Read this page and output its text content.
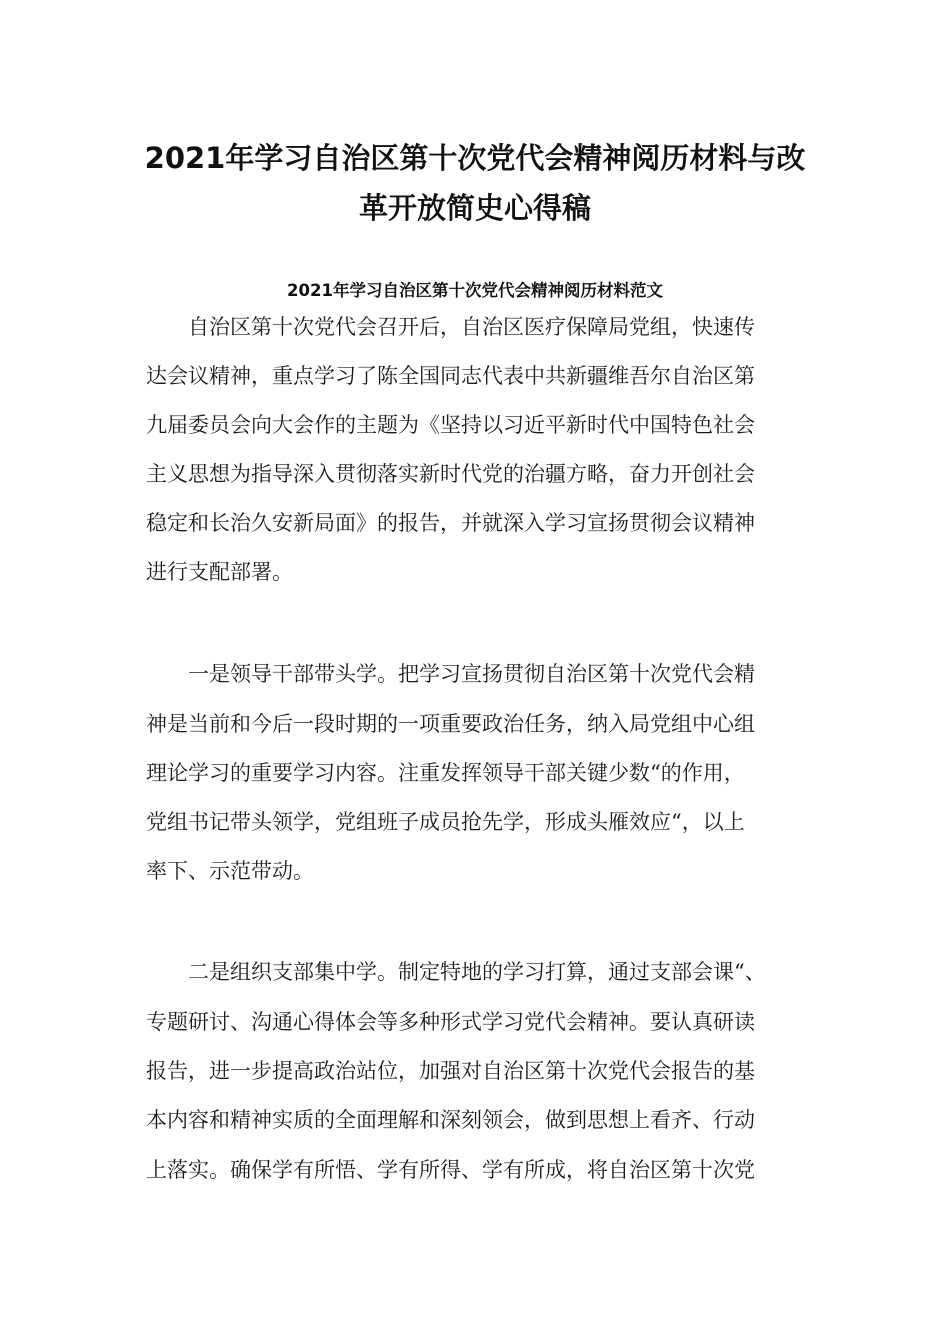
2021年学习自治区第十次党代会精神阅历材料与改
革开放简史心得稿
2021年学习自治区第十次党代会精神阅历材料范文

自治区第十次党代会召开后，自治区医疗保障局党组，快速传

达会议精神，重点学习了陈全国同志代表中共新疆维吾尔自治区第

九届委员会向大会作的主题为《坚持以习近平新时代中国特色社会

主义思想为指导深入贯彻落实新时代党的治疆方略，奋力开创社会

稳定和长治久安新局面》的报告，并就深入学习宣扬贯彻会议精神

进行支配部署。

一是领导干部带头学。把学习宣扬贯彻自治区第十次党代会精

神是当前和今后一段时期的一项重要政治任务，纳入局党组中心组

理论学习的重要学习内容。注重发挥领导干部关键少数“的作用，

党组书记带头领学，党组班子成员抢先学，形成头雁效应“，以上

率下、示范带动。

二是组织支部集中学。制定特地的学习打算，通过支部会课“、

专题研讨、沟通心得体会等多种形式学习党代会精神。要认真研读

报告，进一步提高政治站位，加强对自治区第十次党代会报告的基

本内容和精神实质的全面理解和深刻领会，做到思想上看齐、行动

上落实。确保学有所悟、学有所得、学有所成，将自治区第十次党
